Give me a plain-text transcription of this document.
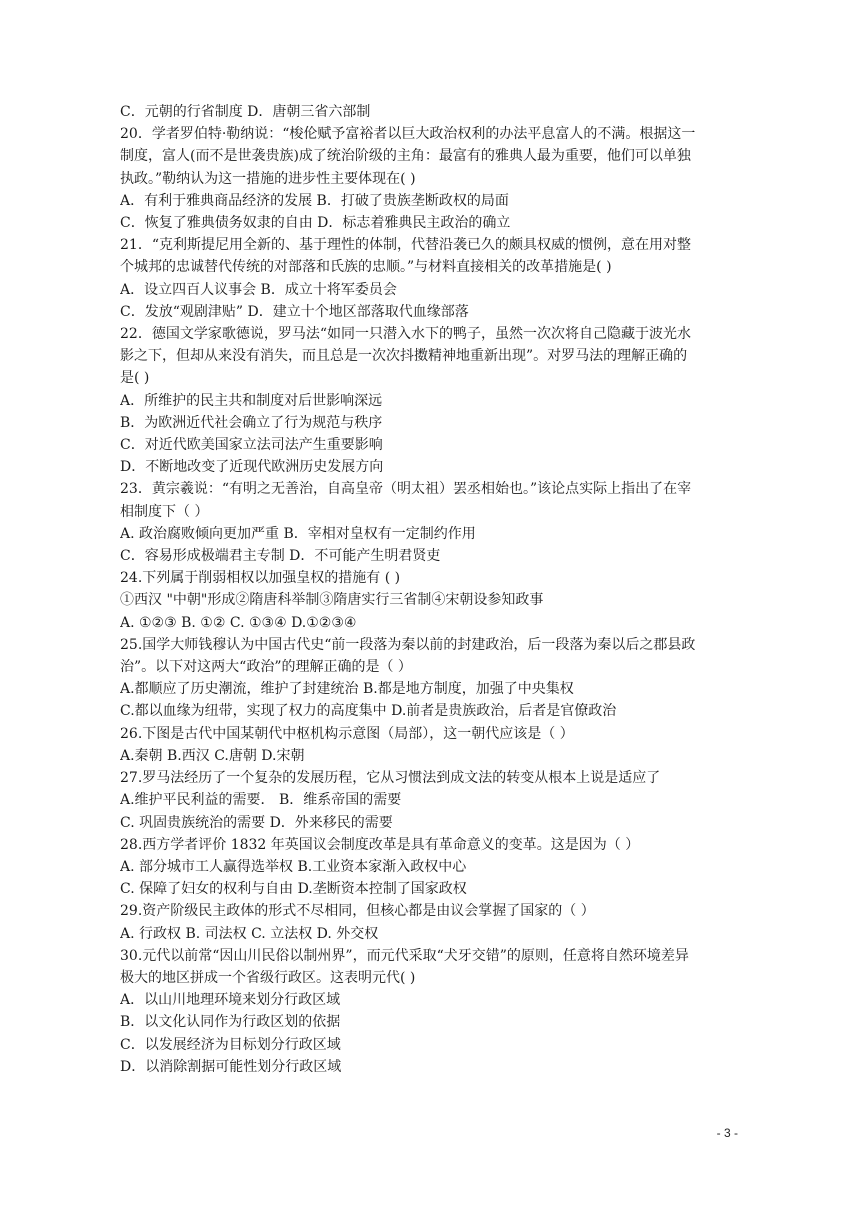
C．元朝的行省制度 D．唐朝三省六部制

20．学者罗伯特·勒纳说：“梭伦赋予富裕者以巨大政治权利的办法平息富人的不满。根据这一

制度，富人(而不是世袭贵族)成了统治阶级的主角：最富有的雅典人最为重要，他们可以单独

执政。”勒纳认为这一措施的进步性主要体现在( )

A．有利于雅典商品经济的发展 B．打破了贵族垄断政权的局面

C．恢复了雅典债务奴隶的自由 D．标志着雅典民主政治的确立

21．“克利斯提尼用全新的、基于理性的体制，代替沿袭已久的颇具权威的惯例，意在用对整

个城邦的忠诚替代传统的对部落和氏族的忠顺。”与材料直接相关的改革措施是( )

A．设立四百人议事会 B．成立十将军委员会

C．发放“观剧津贴” D．建立十个地区部落取代血缘部落

22．德国文学家歌德说，罗马法“如同一只潜入水下的鸭子，虽然一次次将自己隐藏于波光水

影之下，但却从来没有消失，而且总是一次次抖擞精神地重新出现”。对罗马法的理解正确的

是( )

A．所维护的民主共和制度对后世影响深远

B．为欧洲近代社会确立了行为规范与秩序

C．对近代欧美国家立法司法产生重要影响

D．不断地改变了近现代欧洲历史发展方向

23．黄宗羲说：“有明之无善治，自高皇帝（明太祖）罢丞相始也。”该论点实际上指出了在宰

相制度下（ ）

A. 政治腐败倾向更加严重 B．宰相对皇权有一定制约作用

C．容易形成极端君主专制 D．不可能产生明君贤吏

24.下列属于削弱相权以加强皇权的措施有 ( )

①西汉 "中朝"形成②隋唐科举制③隋唐实行三省制④宋朝设参知政事

A. ①②③ B. ①② C. ①③④ D.①②③④

25.国学大师钱穆认为中国古代史“前一段落为秦以前的封建政治，后一段落为秦以后之郡县政

治”。以下对这两大“政治”的理解正确的是（ ）

A.都顺应了历史潮流，维护了封建统治 B.都是地方制度，加强了中央集权

C.都以血缘为纽带，实现了权力的高度集中 D.前者是贵族政治，后者是官僚政治

26.下图是古代中国某朝代中枢机构示意图（局部），这一朝代应该是（ ）

A.秦朝 B.西汉 C.唐朝 D.宋朝

27.罗马法经历了一个复杂的发展历程，它从习惯法到成文法的转变从根本上说是适应了

A.维护平民利益的需要． B．维系帝国的需要

C. 巩固贵族统治的需要 D．外来移民的需要

28.西方学者评价 1832 年英国议会制度改革是具有革命意义的变革。这是因为（ ）

A. 部分城市工人赢得选举权 B.工业资本家渐入政权中心

C. 保障了妇女的权利与自由 D.垄断资本控制了国家政权

29.资产阶级民主政体的形式不尽相同，但核心都是由议会掌握了国家的（ ）

A. 行政权 B. 司法权 C. 立法权 D. 外交权

30.元代以前常“因山川民俗以制州界”，而元代采取“犬牙交错”的原则，任意将自然环境差异

极大的地区拼成一个省级行政区。这表明元代( )

A．以山川地理环境来划分行政区域

B．以文化认同作为行政区划的依据

C．以发展经济为目标划分行政区域

D．以消除割据可能性划分行政区域

- 3 -
